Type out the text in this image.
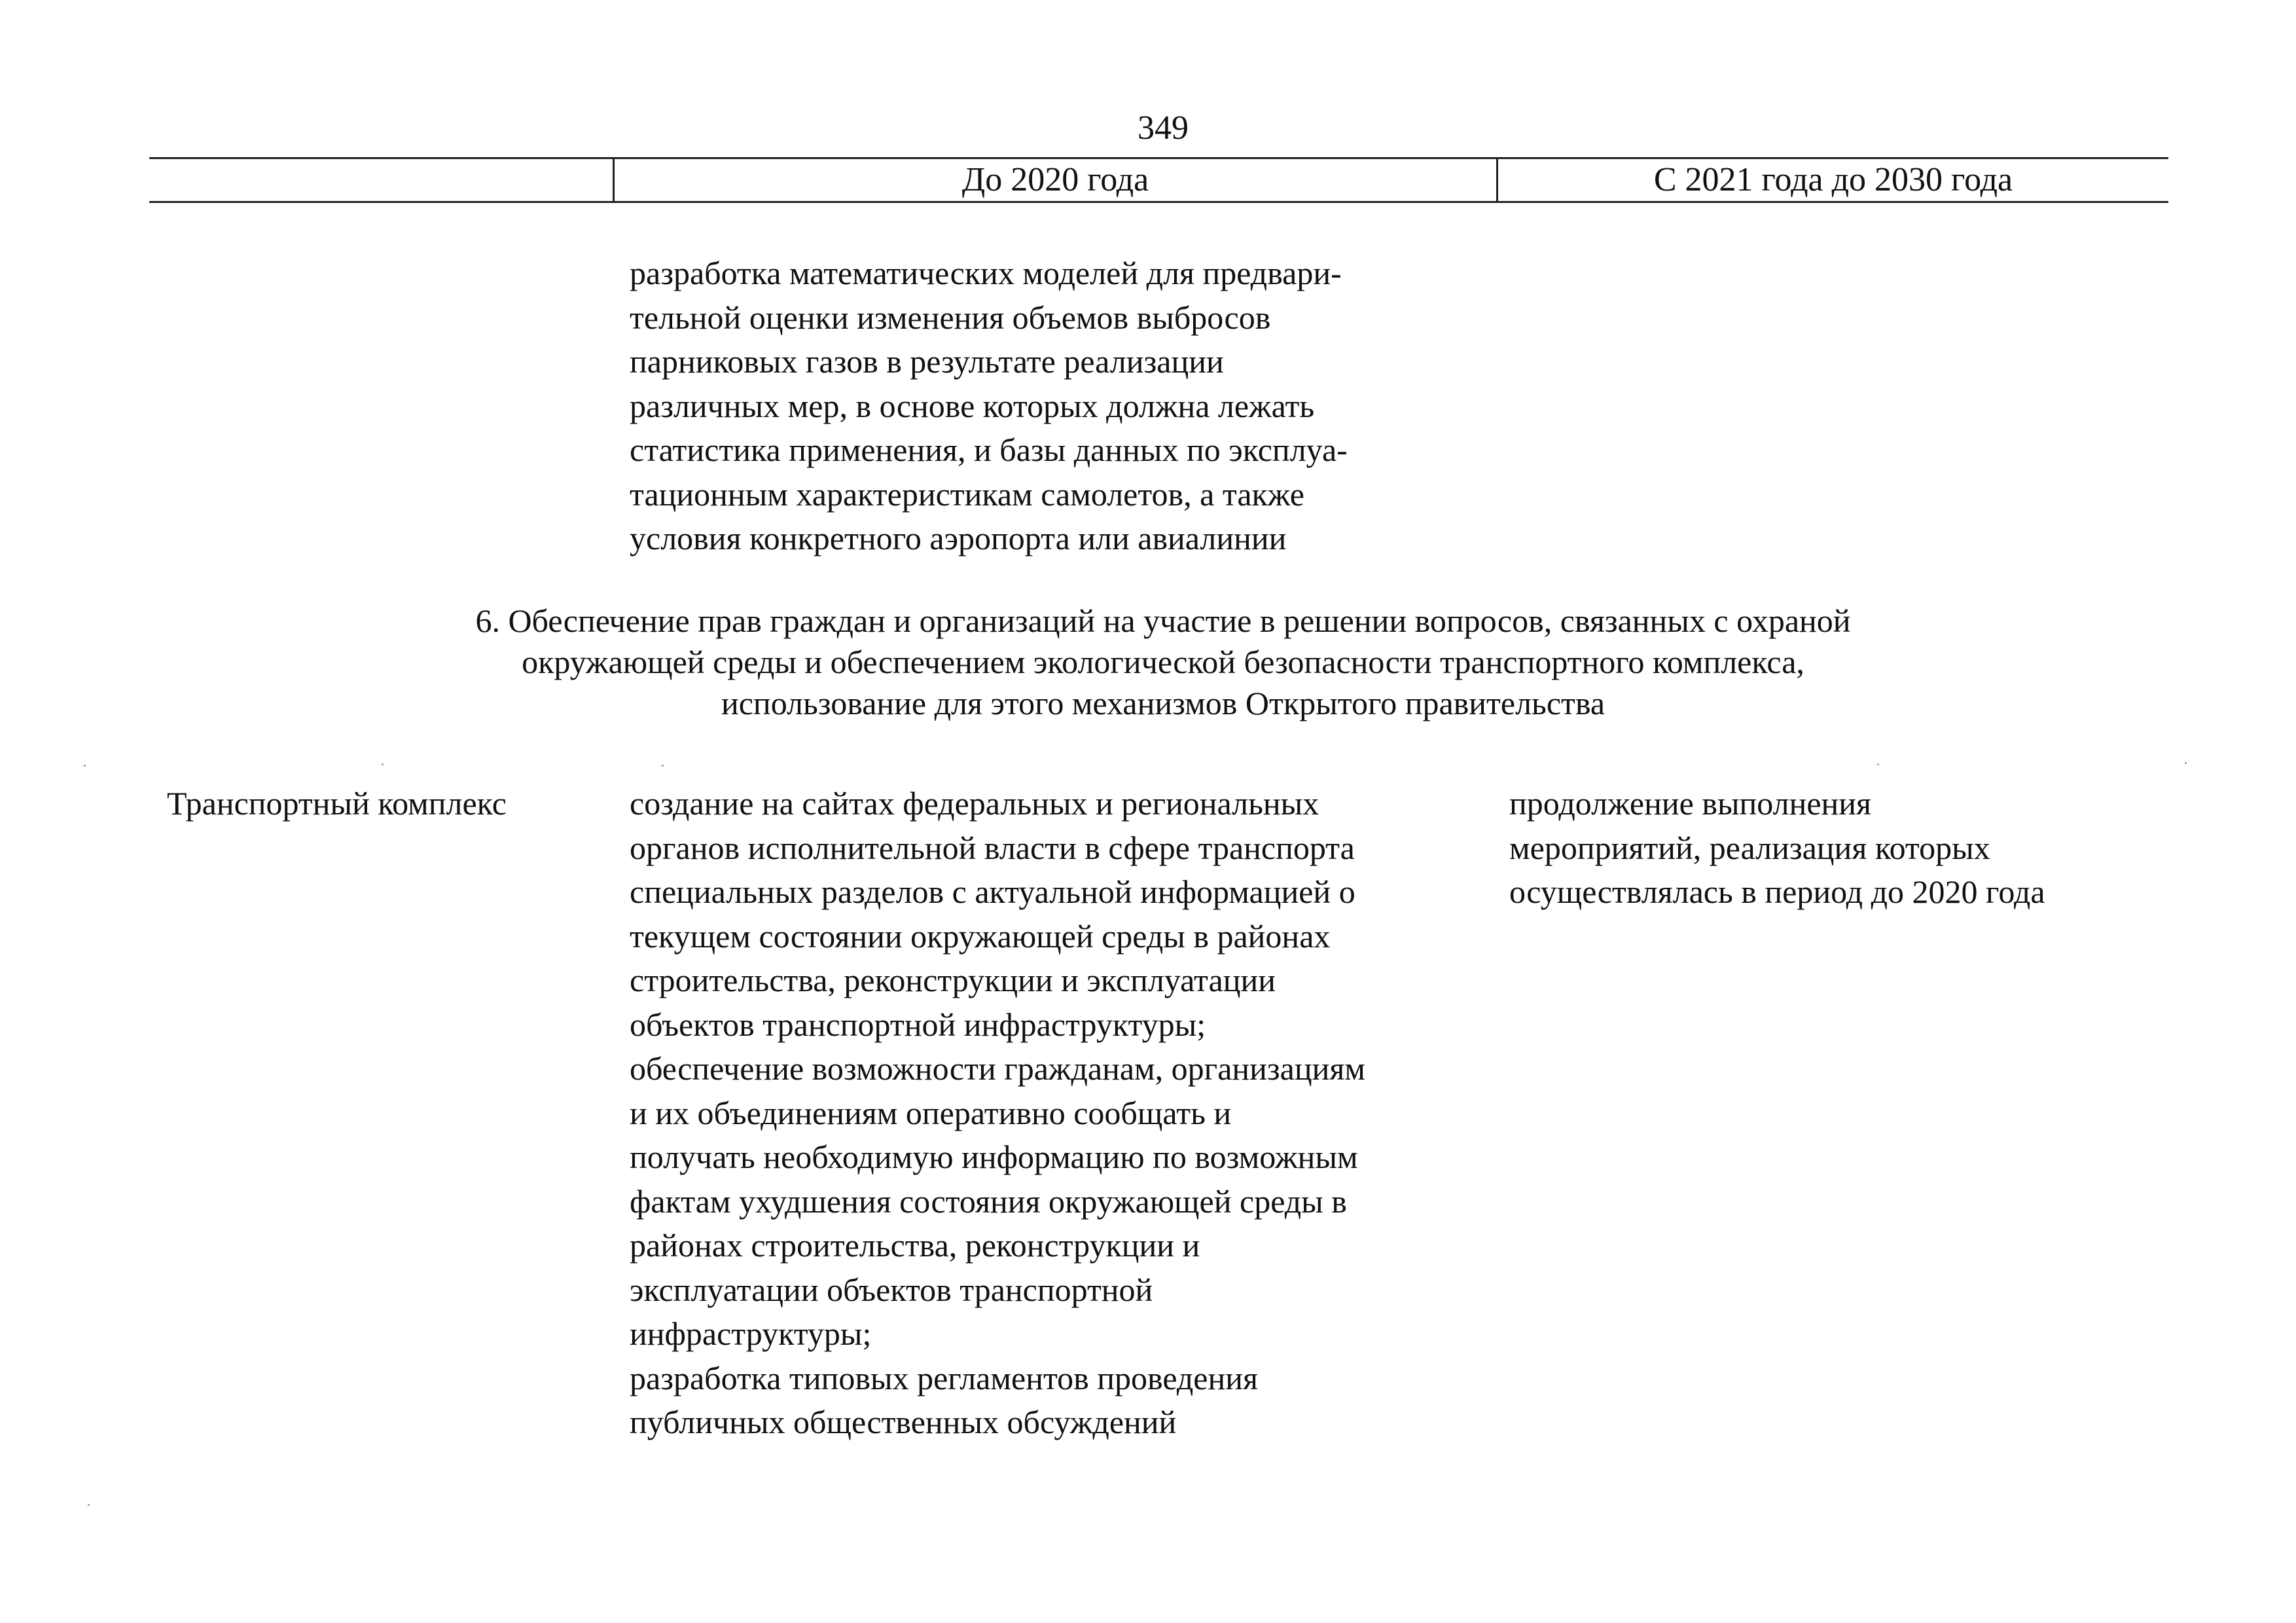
349
До 2020 года	С 2021 года до 2030 года
разработка математических моделей для предвари-
тельной оценки изменения объемов выбросов
парниковых газов в результате реализации
различных мер, в основе которых должна лежать
статистика применения, и базы данных по эксплуа-
тационным характеристикам самолетов, а также
условия конкретного аэропорта или авиалинии
6. Обеспечение прав граждан и организаций на участие в решении вопросов, связанных с охраной
окружающей среды и обеспечением экологической безопасности транспортного комплекса,
использование для этого механизмов Открытого правительства
Транспортный комплекс	создание на сайтах федеральных и региональных
органов исполнительной власти в сфере транспорта
специальных разделов с актуальной информацией о
текущем состоянии окружающей среды в районах
строительства, реконструкции и эксплуатации
объектов транспортной инфраструктуры;
обеспечение возможности гражданам, организациям
и их объединениям оперативно сообщать и
получать необходимую информацию по возможным
фактам ухудшения состояния окружающей среды в
районах строительства, реконструкции и
эксплуатации объектов транспортной
инфраструктуры;
разработка типовых регламентов проведения
публичных общественных обсуждений
продолжение выполнения
мероприятий, реализация которых
осуществлялась в период до 2020 года
